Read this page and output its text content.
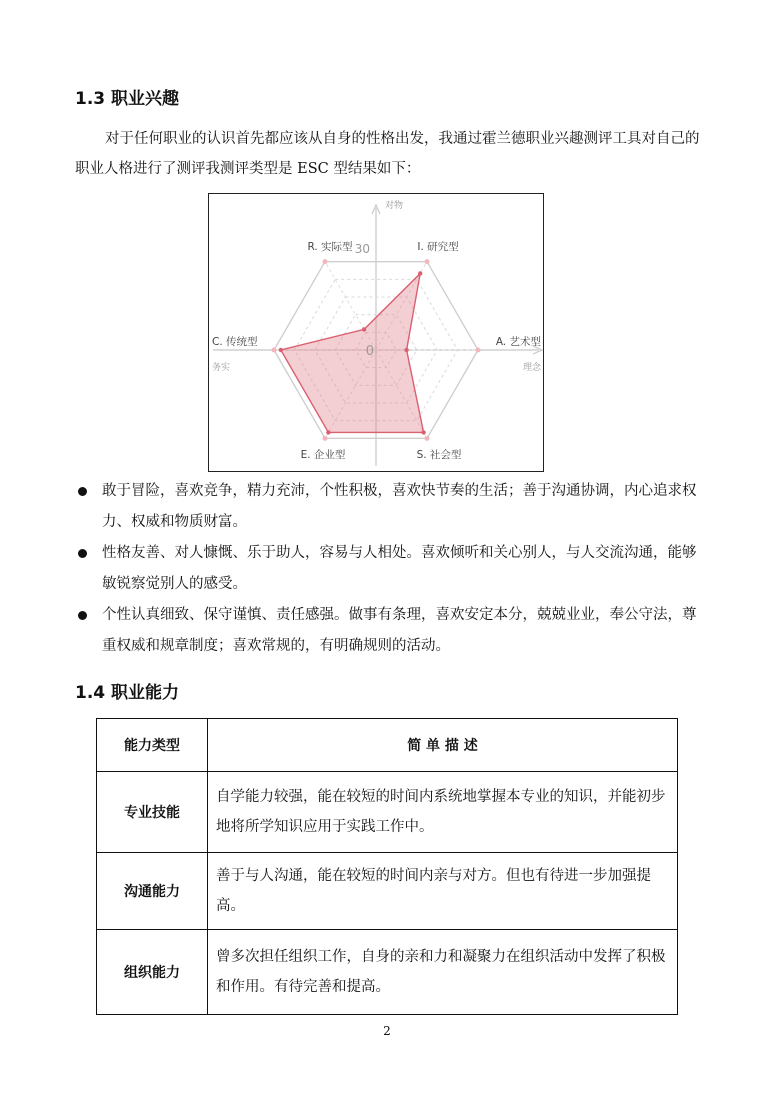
1.3 职业兴趣
对于任何职业的认识首先都应该从自身的性格出发，我通过霍兰德职业兴趣测评工具对自己的职业人格进行了测评我测评类型是 ESC 型结果如下：
30
0
对物
务实	理念
R. 实际型	I. 研究型
A. 艺术型
S. 社会型
E. 企业型
C. 传统型
敢于冒险，喜欢竞争，精力充沛，个性积极，喜欢快节奏的生活；善于沟通协调，内心追求权力、权威和物质财富。
性格友善、对人慷慨、乐于助人，容易与人相处。喜欢倾听和关心别人，与人交流沟通，能够敏锐察觉别人的感受。
个性认真细致、保守谨慎、责任感强。做事有条理，喜欢安定本分，兢兢业业，奉公守法，尊重权威和规章制度；喜欢常规的，有明确规则的活动。
1.4 职业能力
能力类型	简 单 描 述
专业技能	自学能力较强，能在较短的时间内系统地掌握本专业的知识，并能初步地将所学知识应用于实践工作中。
沟通能力	善于与人沟通，能在较短的时间内亲与对方。但也有待进一步加强提高。
组织能力	曾多次担任组织工作，自身的亲和力和凝聚力在组织活动中发挥了积极和作用。有待完善和提高。
2
